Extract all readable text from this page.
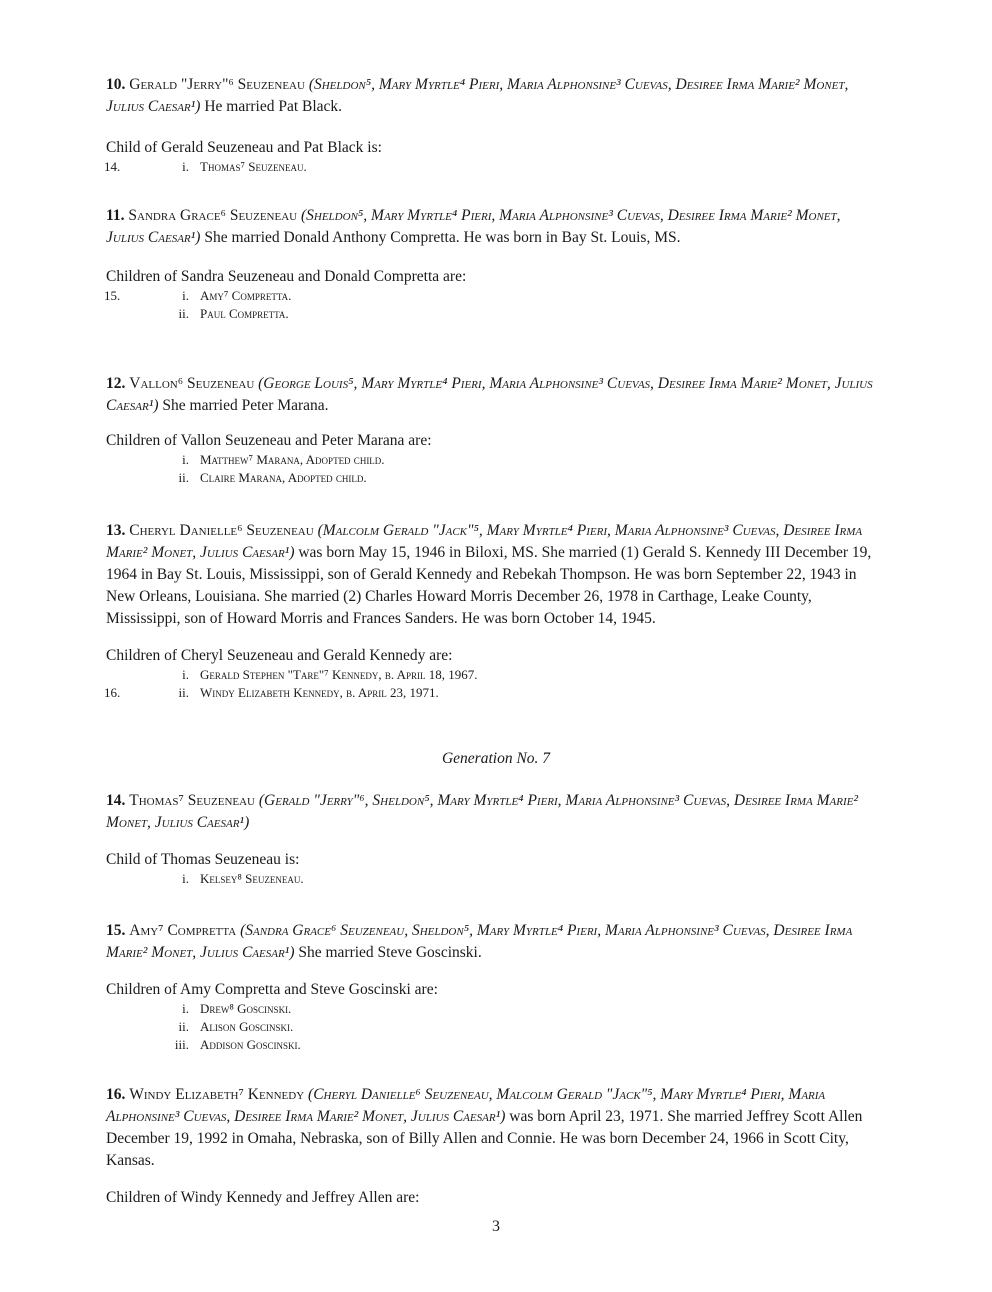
10. Gerald "Jerry"⁶ Seuzeneau (Sheldon⁵, Mary Myrtle⁴ Pieri, Maria Alphonsine³ Cuevas, Desiree Irma Marie² Monet, Julius Caesar¹) He married Pat Black.

Child of Gerald Seuzeneau and Pat Black is:

14.	i. Thomas⁷ Seuzeneau.

11. Sandra Grace⁶ Seuzeneau (Sheldon⁵, Mary Myrtle⁴ Pieri, Maria Alphonsine³ Cuevas, Desiree Irma Marie² Monet, Julius Caesar¹) She married Donald Anthony Compretta. He was born in Bay St. Louis, MS.

Children of Sandra Seuzeneau and Donald Compretta are:

15.	i. Amy⁷ Compretta.
ii. Paul Compretta.

12. Vallon⁶ Seuzeneau (George Louis⁵, Mary Myrtle⁴ Pieri, Maria Alphonsine³ Cuevas, Desiree Irma Marie² Monet, Julius Caesar¹) She married Peter Marana.

Children of Vallon Seuzeneau and Peter Marana are:

i. Matthew⁷ Marana, Adopted child.
ii. Claire Marana, Adopted child.

13. Cheryl Danielle⁶ Seuzeneau (Malcolm Gerald "Jack"⁵, Mary Myrtle⁴ Pieri, Maria Alphonsine³ Cuevas, Desiree Irma Marie² Monet, Julius Caesar¹) was born May 15, 1946 in Biloxi, MS. She married (1) Gerald S. Kennedy III December 19, 1964 in Bay St. Louis, Mississippi, son of Gerald Kennedy and Rebekah Thompson. He was born September 22, 1943 in New Orleans, Louisiana. She married (2) Charles Howard Morris December 26, 1978 in Carthage, Leake County, Mississippi, son of Howard Morris and Frances Sanders. He was born October 14, 1945.

Children of Cheryl Seuzeneau and Gerald Kennedy are:

i. Gerald Stephen "Tare"⁷ Kennedy, b. April 18, 1967.
16.	ii. Windy Elizabeth Kennedy, b. April 23, 1971.
Generation No. 7

14. Thomas⁷ Seuzeneau (Gerald "Jerry"⁶, Sheldon⁵, Mary Myrtle⁴ Pieri, Maria Alphonsine³ Cuevas, Desiree Irma Marie² Monet, Julius Caesar¹)

Child of Thomas Seuzeneau is:

i. Kelsey⁸ Seuzeneau.

15. Amy⁷ Compretta (Sandra Grace⁶ Seuzeneau, Sheldon⁵, Mary Myrtle⁴ Pieri, Maria Alphonsine³ Cuevas, Desiree Irma Marie² Monet, Julius Caesar¹) She married Steve Goscinski.

Children of Amy Compretta and Steve Goscinski are:

i. Drew⁸ Goscinski.
ii. Alison Goscinski.
iii. Addison Goscinski.

16. Windy Elizabeth⁷ Kennedy (Cheryl Danielle⁶ Seuzeneau, Malcolm Gerald "Jack"⁵, Mary Myrtle⁴ Pieri, Maria Alphonsine³ Cuevas, Desiree Irma Marie² Monet, Julius Caesar¹) was born April 23, 1971. She married Jeffrey Scott Allen December 19, 1992 in Omaha, Nebraska, son of Billy Allen and Connie. He was born December 24, 1966 in Scott City, Kansas.

Children of Windy Kennedy and Jeffrey Allen are:

3
